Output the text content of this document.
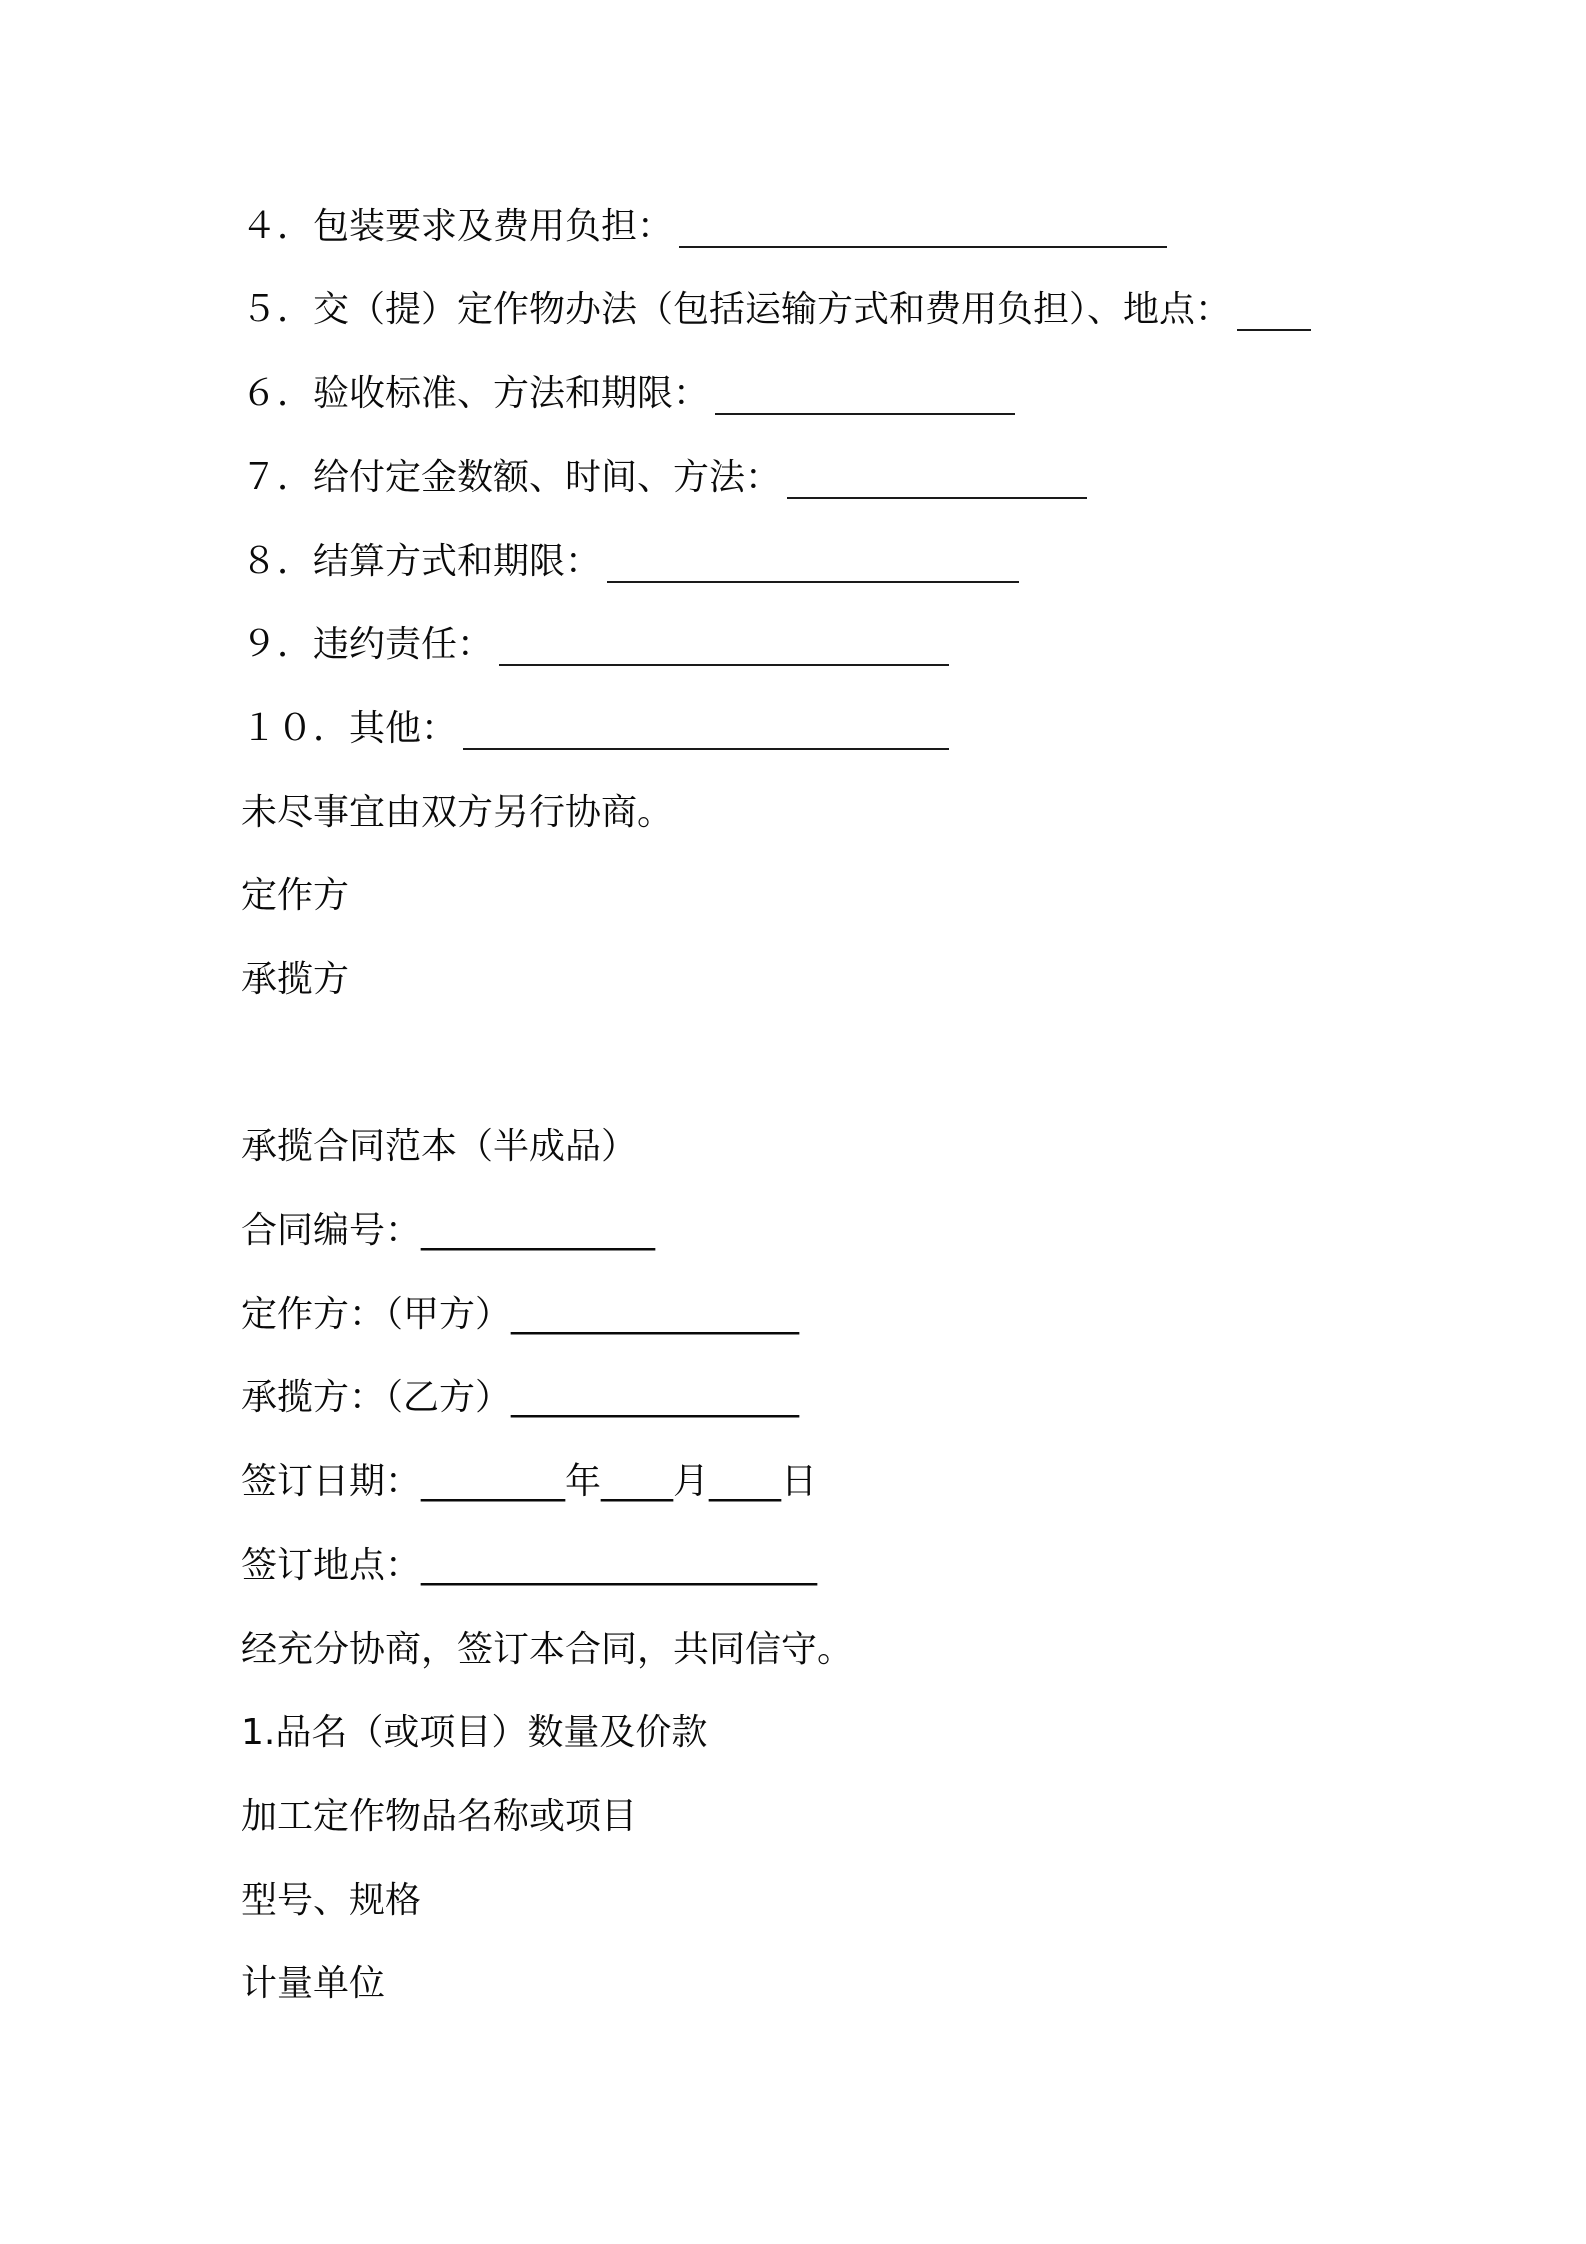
４．包装要求及费用负担：
５．交（提）定作物办法（包括运输方式和费用负担）、地点：
６．验收标准、方法和期限：
７．给付定金数额、时间、方法：
８．结算方式和期限：
９．违约责任：
１０．其他：
未尽事宜由双方另行协商。
定作方
承揽方
承揽合同范本（半成品）
合同编号： _____________
定作方：（甲方） ________________
承揽方：（乙方） ________________
签订日期： ________ 年 ____ 月 ____ 日
签订地点： ______________________
经充分协商，签订本合同，共同信守。
1.品名（或项目）数量及价款
加工定作物品名称或项目
型号、规格
计量单位
